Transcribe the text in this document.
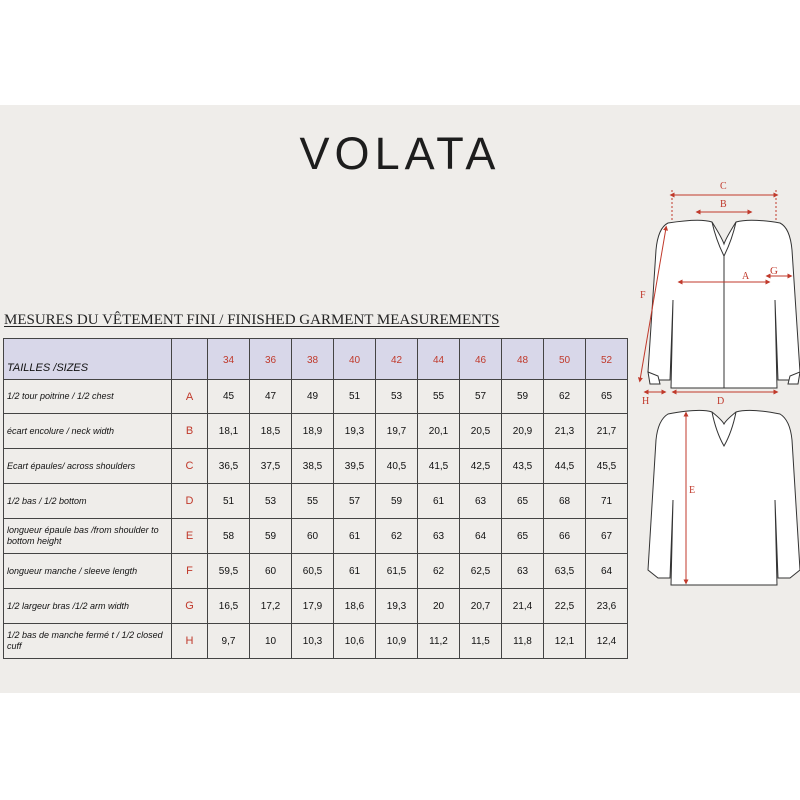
VOLATA
MESURES DU VÊTEMENT FINI / FINISHED GARMENT MEASUREMENTS
TAILLES /SIZES		34	36	38	40	42	44	46	48	50	52
1/2 tour poitrine / 1/2 chest	A	45	47	49	51	53	55	57	59	62	65
écart encolure / neck width	B	18,1	18,5	18,9	19,3	19,7	20,1	20,5	20,9	21,3	21,7
Ecart épaules/ across shoulders	C	36,5	37,5	38,5	39,5	40,5	41,5	42,5	43,5	44,5	45,5
1/2 bas / 1/2 bottom	D	51	53	55	57	59	61	63	65	68	71
longueur épaule bas /from shoulder to bottom height	E	58	59	60	61	62	63	64	65	66	67
longueur manche / sleeve length	F	59,5	60	60,5	61	61,5	62	62,5	63	63,5	64
1/2 largeur bras /1/2 arm width	G	16,5	17,2	17,9	18,6	19,3	20	20,7	21,4	22,5	23,6
1/2 bas de manche fermé t / 1/2 closed cuff	H	9,7	10	10,3	10,6	10,9	11,2	11,5	11,8	12,1	12,4
C
B
A G
F
H	D
E
